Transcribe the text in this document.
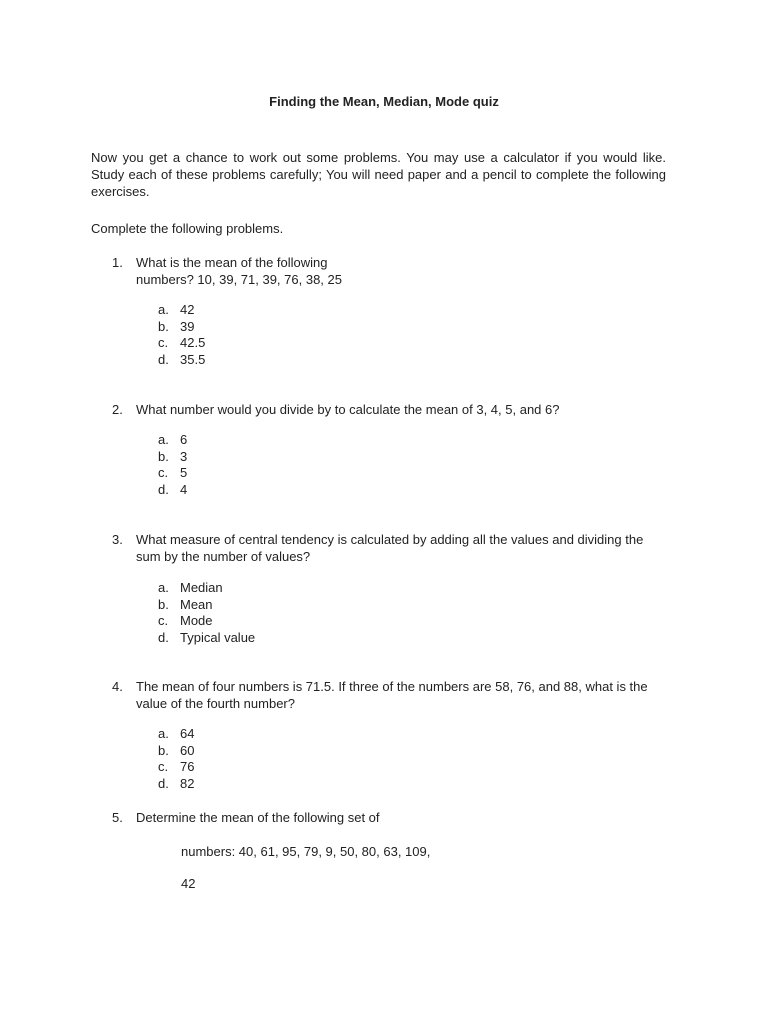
Finding the Mean, Median, Mode quiz
Now you get a chance to work out some problems. You may use a calculator if you would like. Study each of these problems carefully; You will need paper and a pencil to complete the following exercises.
Complete the following problems.
1. What is the mean of the following numbers? 10, 39, 71, 39, 76, 38, 25
a. 42
b. 39
c. 42.5
d. 35.5
2. What number would you divide by to calculate the mean of 3, 4, 5, and 6?
a. 6
b. 3
c. 5
d. 4
3. What measure of central tendency is calculated by adding all the values and dividing the sum by the number of values?
a. Median
b. Mean
c. Mode
d. Typical value
4. The mean of four numbers is 71.5. If three of the numbers are 58, 76, and 88, what is the value of the fourth number?
a. 64
b. 60
c. 76
d. 82
5. Determine the mean of the following set of
numbers: 40, 61, 95, 79, 9, 50, 80, 63, 109,
42
